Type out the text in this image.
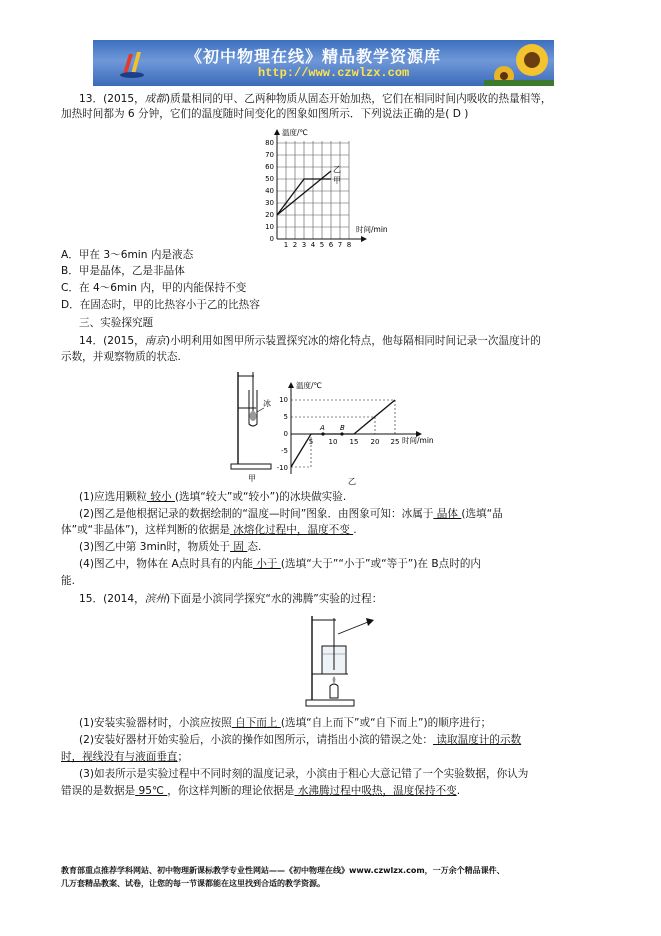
《初中物理在线》精品教学资源库
http://www.czwlzx.com
13．(2015，成都)质量相同的甲、乙两种物质从固态开始加热，它们在相同时间内吸收的热量相等，
加热时间都为 6 分钟，它们的温度随时间变化的图象如图所示．下列说法正确的是( D )
温度/℃
时间/min
80
70
60
50
40
30
20
10
0
1 2 3 4 5 6 7 8
乙
甲
A．甲在 3～6min 内是液态
B．甲是晶体，乙是非晶体
C．在 4～6min 内，甲的内能保持不变
D．在固态时，甲的比热容小于乙的比热容
三、实验探究题
14．(2015，南京)小明利用如图甲所示装置探究冰的熔化特点，他每隔相同时间记录一次温度计的
示数，并观察物质的状态.
冰
甲
温度/℃
时间/min
10
5
0
-5
-10
5 10 15 20 25
A B
乙
(1)应选用颗粒 较小 (选填“较大”或“较小”)的冰块做实验.
(2)图乙是他根据记录的数据绘制的“温度—时间”图象．由图象可知：冰属于 晶体 (选填“晶
体”或“非晶体”)，这样判断的依据是 冰熔化过程中，温度不变 .
(3)图乙中第 3min时，物质处于 固 态.
(4)图乙中，物体在 A点时具有的内能 小于 (选填“大于”“小于”或“等于”)在 B点时的内
能.
15．(2014，滨州)下面是小滨同学探究“水的沸腾”实验的过程：
(1)安装实验器材时，小滨应按照 自下而上 (选填“自上而下”或“自下而上”)的顺序进行；
(2)安装好器材开始实验后，小滨的操作如图所示，请指出小滨的错误之处： 读取温度计的示数
时，视线没有与液面垂直；
(3)如表所示是实验过程中不同时刻的温度记录，小滨由于粗心大意记错了一个实验数据，你认为
错误的是数据是 95℃ ，你这样判断的理论依据是 水沸腾过程中吸热，温度保持不变.
教育部重点推荐学科网站、初中物理新课标教学专业性网站——《初中物理在线》www.czwlzx.com，一万余个精品课件、
几万套精品教案、试卷，让您的每一节课都能在这里找到合适的教学资源。
